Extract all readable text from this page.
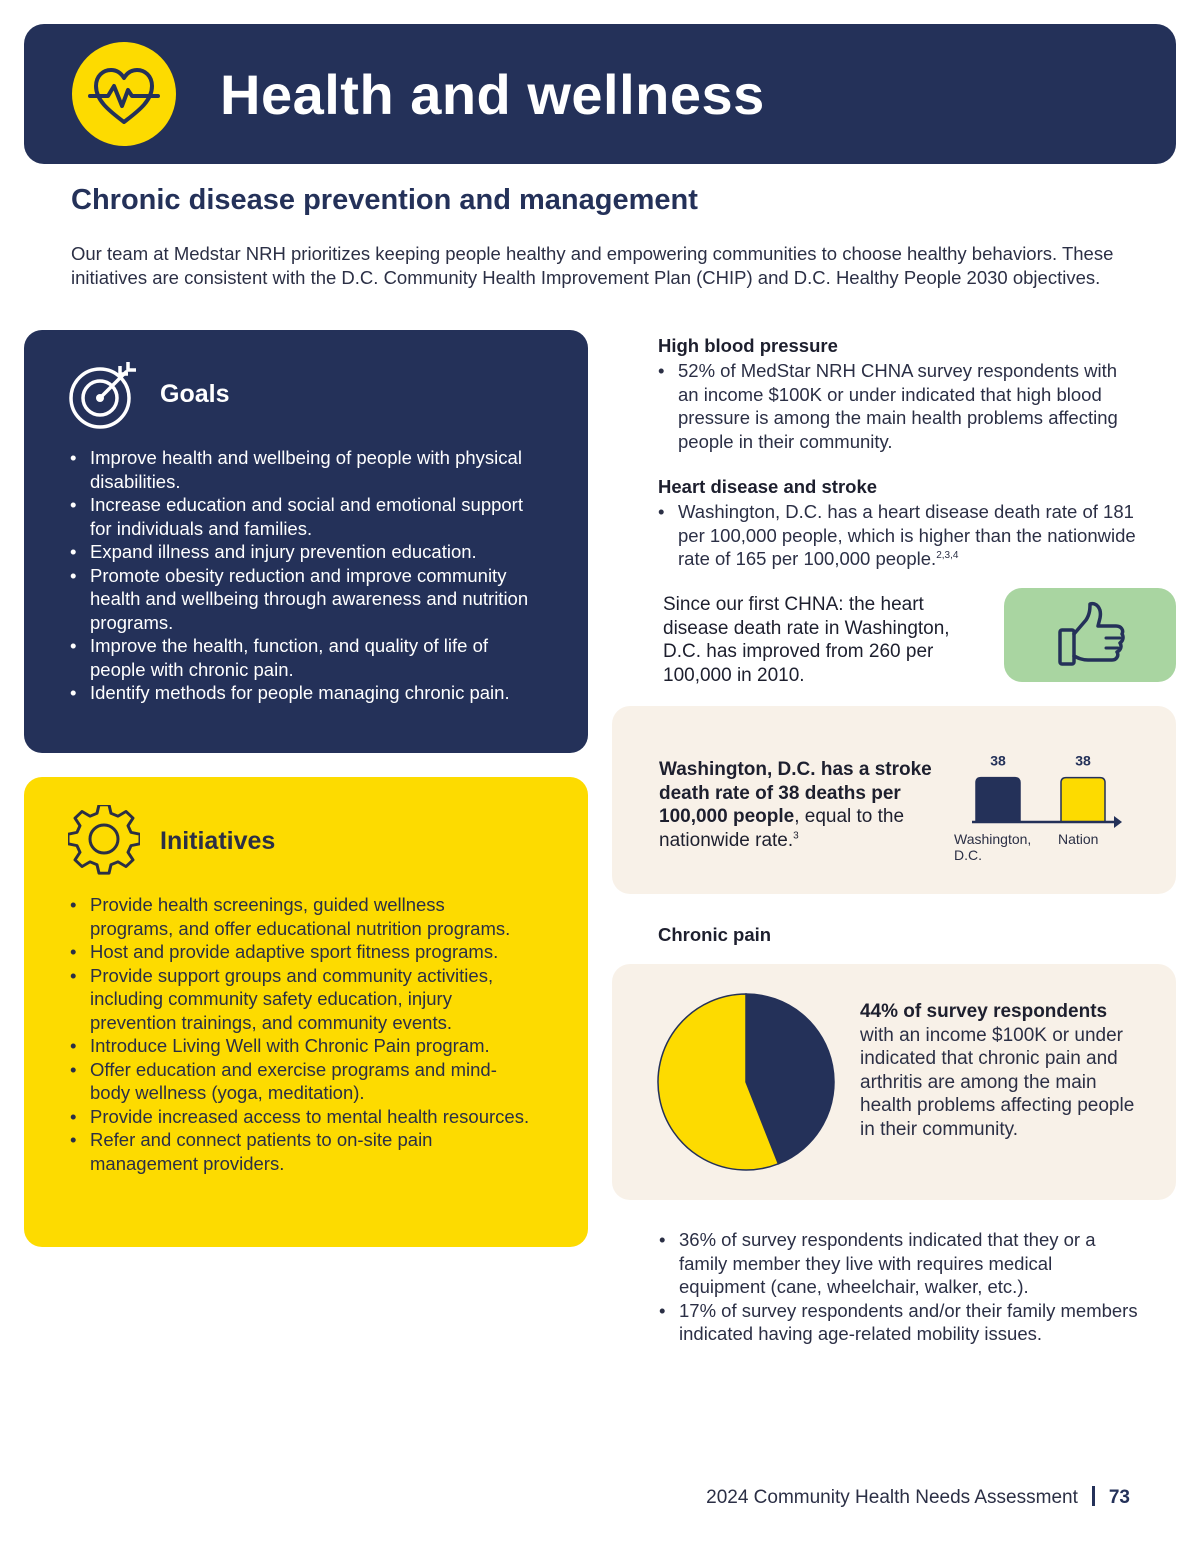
Health and wellness
Chronic disease prevention and management

Our team at Medstar NRH prioritizes keeping people healthy and empowering communities to choose healthy behaviors. These initiatives are consistent with the D.C. Community Health Improvement Plan (CHIP) and D.C. Healthy People 2030 objectives.

Goals
• Improve health and wellbeing of people with physical disabilities.
• Increase education and social and emotional support for individuals and families.
• Expand illness and injury prevention education.
• Promote obesity reduction and improve community health and wellbeing through awareness and nutrition programs.
• Improve the health, function, and quality of life of people with chronic pain.
• Identify methods for people managing chronic pain.
Initiatives
• Provide health screenings, guided wellness programs, and offer educational nutrition programs.
• Host and provide adaptive sport fitness programs.
• Provide support groups and community activities, including community safety education, injury prevention trainings, and community events.
• Introduce Living Well with Chronic Pain program.
• Offer education and exercise programs and mind-body wellness (yoga, meditation).
• Provide increased access to mental health resources.
• Refer and connect patients to on-site pain management providers.
High blood pressure
• 52% of MedStar NRH CHNA survey respondents with an income $100K or under indicated that high blood pressure is among the main health problems affecting people in their community.
Heart disease and stroke
• Washington, D.C. has a heart disease death rate of 181 per 100,000 people, which is higher than the nationwide rate of 165 per 100,000 people.$^{2,3,4}$

Since our first CHNA: the heart disease death rate in Washington, D.C. has improved from 260 per 100,000 in 2010.

Washington, D.C. has a stroke death rate of 38 deaths per 100,000 people, equal to the nationwide rate.$^3$

38
Washington, D.C.
38
Nation
Chronic pain

44% of survey respondents
with an income $100K or under indicated that chronic pain and arthritis are among the main health problems affecting people in their community.

• 36% of survey respondents indicated that they or a family member they live with requires medical equipment (cane, wheelchair, walker, etc.).
• 17% of survey respondents and/or their family members indicated having age-related mobility issues.
2024 Community Health Needs Assessment 73
